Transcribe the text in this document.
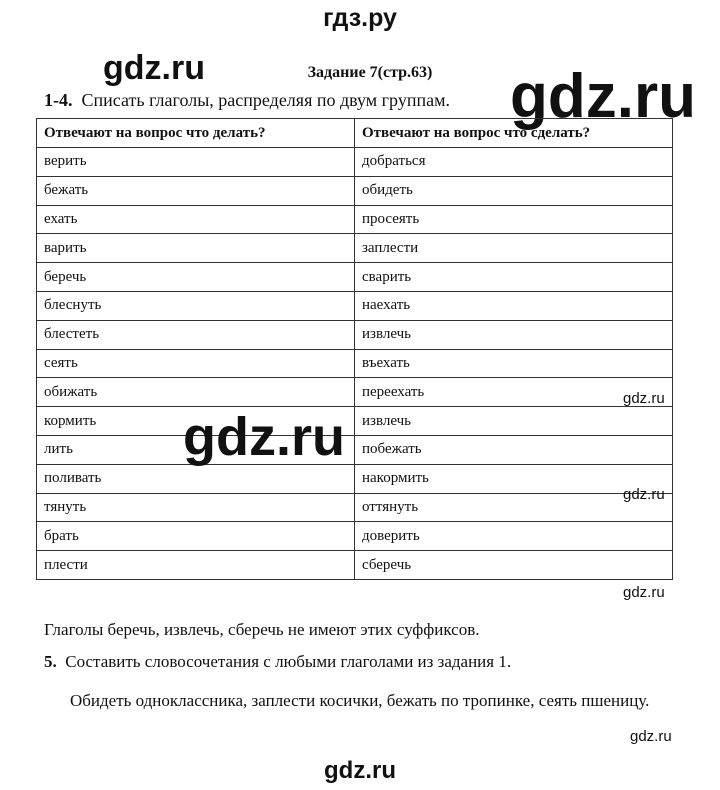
гдз.ру
Задание 7(стр.63)
gdz.ru	gdz.ru
1-4. Списать глаголы, распределяя по двум группам.
Отвечают на вопрос что делать?	Отвечают на вопрос что сделать?
верить	добраться
бежать	обидеть
ехать	просеять
варить	заплести
беречь	сварить
блеснуть	наехать
блестеть	извлечь
сеять	въехать
обижать	переехать
кормить	извлечь
лить	побежать
поливать	накормить
тянуть	оттянуть
брать	доверить
плести	сберечь
gdz.ru
gdz.ru
gdz.ru
gdz.ru
Глаголы беречь, извлечь, сберечь не имеют этих суффиксов.
5. Составить словосочетания с любыми глаголами из задания 1.
Обидеть одноклассника, заплести косички, бежать по тропинке, сеять пшеницу.
gdz.ru
gdz.ru
